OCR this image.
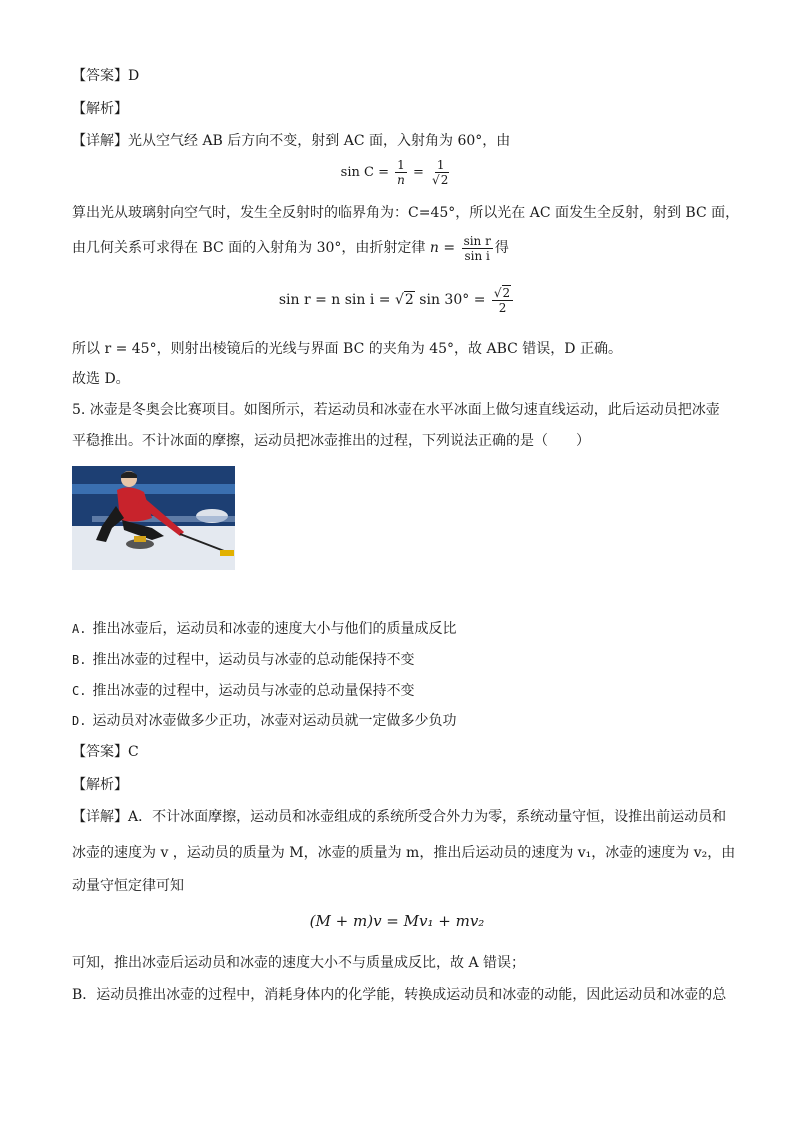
【答案】D
【解析】
【详解】光从空气经 AB 后方向不变，射到 AC 面，入射角为 60°，由
$\sin C = \frac{1}{n} = \frac{1}{√2}$
算出光从玻璃射向空气时，发生全反射时的临界角为：C=45°，所以光在 AC 面发生全反射，射到 BC 面，
由几何关系可求得在 BC 面的入射角为 30°，由折射定律 $n = \frac{\text{sin r}}{\text{sin i}}$ 得
sin r = n sin i = √2 $\sin 30^\circ = \frac{√2}{2}$
所以 r = 45°，则射出棱镜后的光线与界面 BC 的夹角为 45°，故 ABC 错误，D 正确。
故选 D。
5. 冰壶是冬奥会比赛项目。如图所示，若运动员和冰壶在水平冰面上做匀速直线运动，此后运动员把冰壶
平稳推出。不计冰面的摩擦，运动员把冰壶推出的过程，下列说法正确的是（　　）
A. 推出冰壶后，运动员和冰壶的速度大小与他们的质量成反比
B. 推出冰壶的过程中，运动员与冰壶的总动能保持不变
C. 推出冰壶的过程中，运动员与冰壶的总动量保持不变
D. 运动员对冰壶做多少正功，冰壶对运动员就一定做多少负功
【答案】C
【解析】
【详解】A．不计冰面摩擦，运动员和冰壶组成的系统所受合外力为零，系统动量守恒，设推出前运动员和
冰壶的速度为 v ，运动员的质量为 M，冰壶的质量为 m，推出后运动员的速度为 v₁，冰壶的速度为 v₂，由
动量守恒定律可知
(M + m)v = Mv₁ + mv₂
可知，推出冰壶后运动员和冰壶的速度大小不与质量成反比，故 A 错误；
B．运动员推出冰壶的过程中，消耗身体内的化学能，转换成运动员和冰壶的动能，因此运动员和冰壶的总
